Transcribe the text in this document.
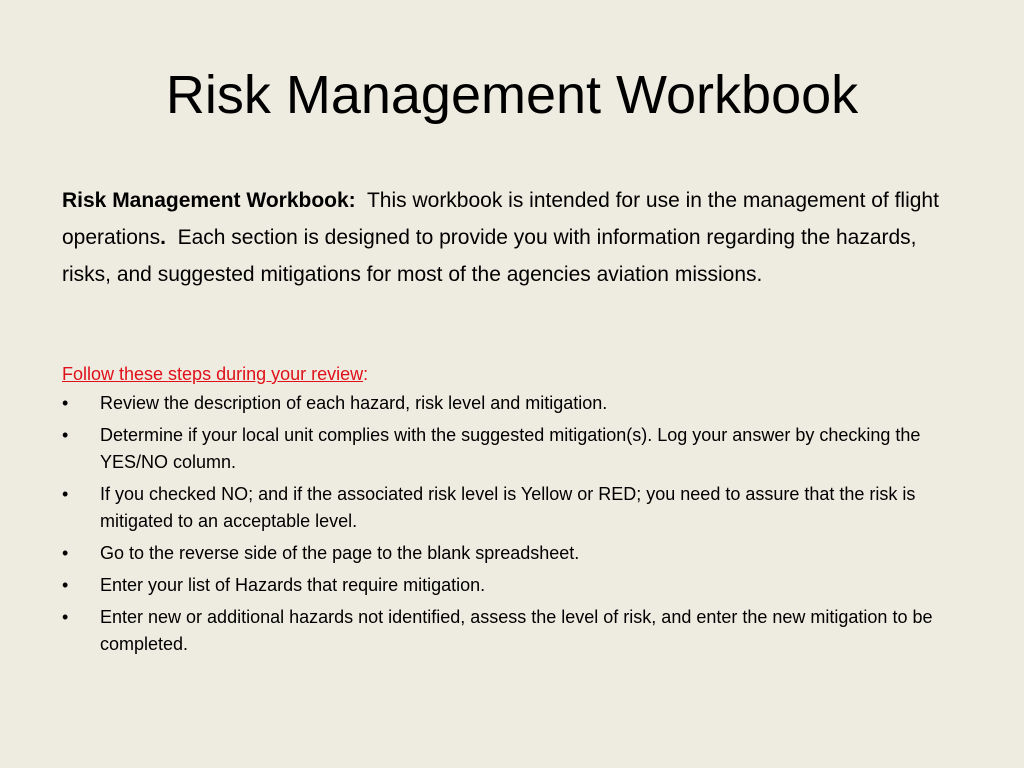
Risk Management Workbook

Risk Management Workbook:  This workbook is intended for use in the management of flight operations.  Each section is designed to provide you with information regarding the hazards, risks, and suggested mitigations for most of the agencies aviation missions.

Follow these steps during your review:

•	Review the description of each hazard, risk level and mitigation.
•	Determine if your local unit complies with the suggested mitigation(s). Log your answer by checking the YES/NO column.
•	If you checked NO; and if the associated risk level is Yellow or RED; you need to assure that the risk is mitigated to an acceptable level.
•	Go to the reverse side of the page to the blank spreadsheet.
•	Enter your list of Hazards that require mitigation.
•	Enter new or additional hazards not identified, assess the level of risk, and enter the new mitigation to be completed.
